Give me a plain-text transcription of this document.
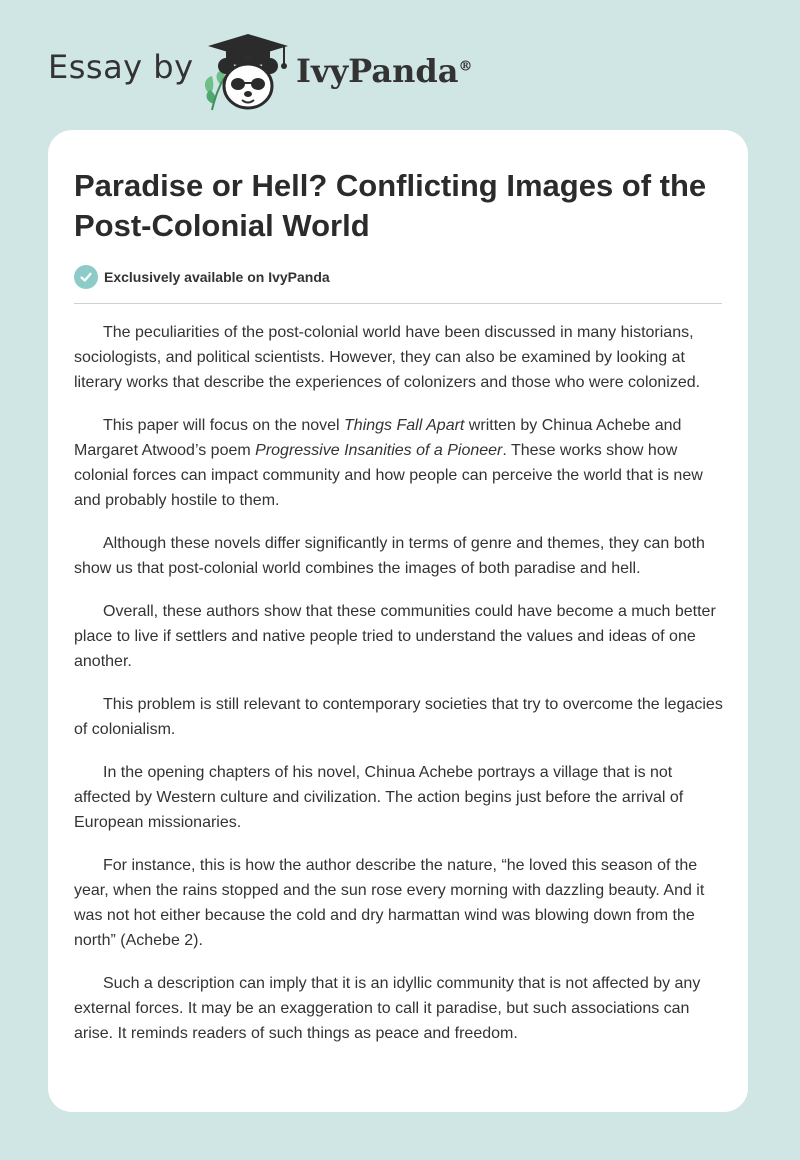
Essay by	IvyPanda®
Paradise or Hell? Conflicting Images of the Post-Colonial World
Exclusively available on IvyPanda

The peculiarities of the post-colonial world have been discussed in many historians, sociologists, and political scientists. However, they can also be examined by looking at literary works that describe the experiences of colonizers and those who were colonized.

This paper will focus on the novel Things Fall Apart written by Chinua Achebe and Margaret Atwood’s poem Progressive Insanities of a Pioneer. These works show how colonial forces can impact community and how people can perceive the world that is new and probably hostile to them.

Although these novels differ significantly in terms of genre and themes, they can both show us that post-colonial world combines the images of both paradise and hell.

Overall, these authors show that these communities could have become a much better place to live if settlers and native people tried to understand the values and ideas of one another.

This problem is still relevant to contemporary societies that try to overcome the legacies of colonialism.

In the opening chapters of his novel, Chinua Achebe portrays a village that is not affected by Western culture and civilization. The action begins just before the arrival of European missionaries.

For instance, this is how the author describe the nature, “he loved this season of the year, when the rains stopped and the sun rose every morning with dazzling beauty. And it was not hot either because the cold and dry harmattan wind was blowing down from the north” (Achebe 2).

Such a description can imply that it is an idyllic community that is not affected by any external forces. It may be an exaggeration to call it paradise, but such associations can arise. It reminds readers of such things as peace and freedom.
